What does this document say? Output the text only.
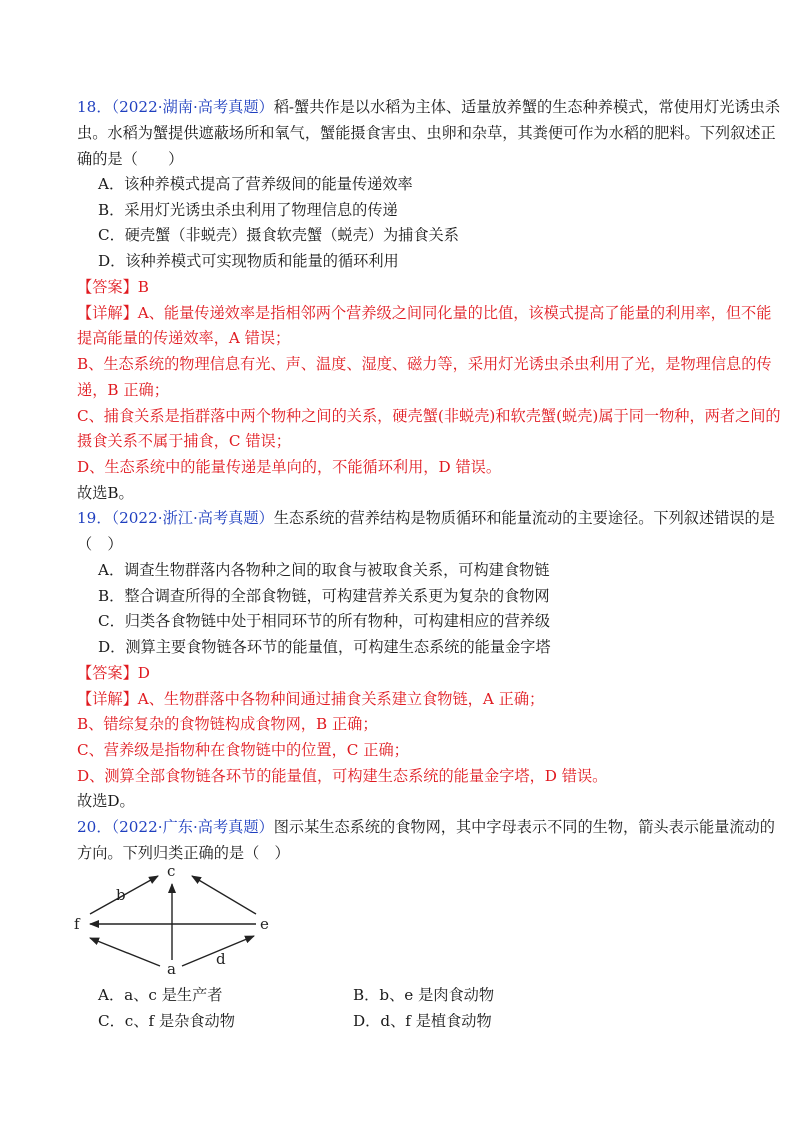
18．（2022·湖南·高考真题）稻-蟹共作是以水稻为主体、适量放养蟹的生态种养模式，常使用灯光诱虫杀
虫。水稻为蟹提供遮蔽场所和氧气，蟹能摄食害虫、虫卵和杂草，其粪便可作为水稻的肥料。下列叙述正
确的是（　　）
A．该种养模式提高了营养级间的能量传递效率
B．采用灯光诱虫杀虫利用了物理信息的传递
C．硬壳蟹（非蜕壳）摄食软壳蟹（蜕壳）为捕食关系
D．该种养模式可实现物质和能量的循环利用
【答案】B
【详解】A、能量传递效率是指相邻两个营养级之间同化量的比值，该模式提高了能量的利用率，但不能
提高能量的传递效率，A 错误；
B、生态系统的物理信息有光、声、温度、湿度、磁力等，采用灯光诱虫杀虫利用了光，是物理信息的传
递，B 正确；
C、捕食关系是指群落中两个物种之间的关系，硬壳蟹(非蜕壳)和软壳蟹(蜕壳)属于同一物种，两者之间的
摄食关系不属于捕食，C 错误；
D、生态系统中的能量传递是单向的，不能循环利用，D 错误。
故选B。
19．（2022·浙江·高考真题）生态系统的营养结构是物质循环和能量流动的主要途径。下列叙述错误的是
（　）
A．调查生物群落内各物种之间的取食与被取食关系，可构建食物链
B．整合调查所得的全部食物链，可构建营养关系更为复杂的食物网
C．归类各食物链中处于相同环节的所有物种，可构建相应的营养级
D．测算主要食物链各环节的能量值，可构建生态系统的能量金字塔
【答案】D
【详解】A、生物群落中各物种间通过捕食关系建立食物链，A 正确；
B、错综复杂的食物链构成食物网，B 正确；
C、营养级是指物种在食物链中的位置，C 正确；
D、测算全部食物链各环节的能量值，可构建生态系统的能量金字塔，D 错误。
故选D。
20．（2022·广东·高考真题）图示某生态系统的食物网，其中字母表示不同的生物，箭头表示能量流动的
方向。下列归类正确的是（　）
c
b
f	e
d
a
A．a、c 是生产者	B．b、e 是肉食动物
C．c、f 是杂食动物	D．d、f 是植食动物
